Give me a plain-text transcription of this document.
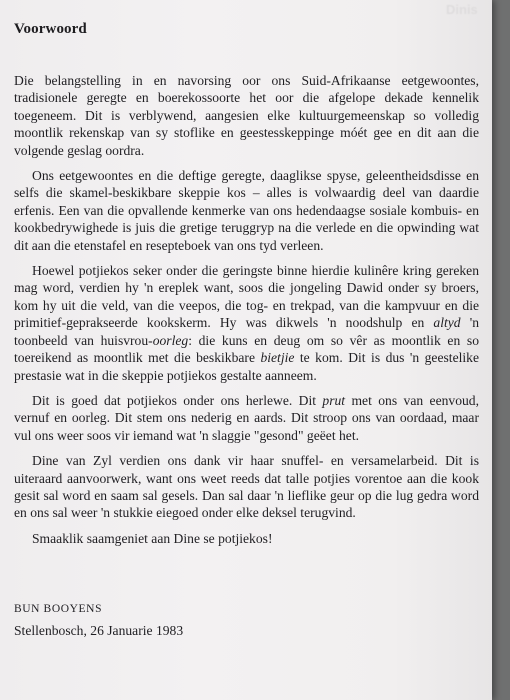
Dinis
Voorwoord

Die belangstelling in en navorsing oor ons Suid-Afrikaanse eetgewoontes, tradisionele geregte en boerekossoorte het oor die afgelope dekade kennelik toegeneem. Dit is verblywend, aangesien elke kultuurgemeenskap so volledig moontlik rekenskap van sy stoflike en geestesskeppinge móét gee en dit aan die volgende geslag oordra.

Ons eetgewoontes en die deftige geregte, daaglikse spyse, geleentheidsdisse en selfs die skamel-beskikbare skeppie kos – alles is volwaardig deel van daardie erfenis. Een van die opvallende kenmerke van ons hedendaagse sosiale kombuis- en kookbedrywighede is juis die gretige teruggryp na die verlede en die opwinding wat dit aan die etenstafel en resepteboek van ons tyd verleen.

Hoewel potjiekos seker onder die geringste binne hierdie kulinêre kring gereken mag word, verdien hy 'n ereplek want, soos die jongeling Dawid onder sy broers, kom hy uit die veld, van die veepos, die tog- en trekpad, van die kampvuur en die primitief-geprakseerde kookskerm. Hy was dikwels 'n noodshulp en altyd 'n toonbeeld van huisvrou-oorleg: die kuns en deug om so vêr as moontlik en so toereikend as moontlik met die beskikbare bietjie te kom. Dit is dus 'n geestelike prestasie wat in die skeppie potjiekos gestalte aanneem.

Dit is goed dat potjiekos onder ons herlewe. Dit prut met ons van eenvoud, vernuf en oorleg. Dit stem ons nederig en aards. Dit stroop ons van oordaad, maar vul ons weer soos vir iemand wat 'n slaggie "gesond" geëet het.

Dine van Zyl verdien ons dank vir haar snuffel- en versamelarbeid. Dit is uiteraard aanvoorwerk, want ons weet reeds dat talle potjies vorentoe aan die kook gesit sal word en saam sal gesels. Dan sal daar 'n lieflike geur op die lug gedra word en ons sal weer 'n stukkie eiegoed onder elke deksel terugvind.

Smaaklik saamgeniet aan Dine se potjiekos!

BUN BOOYENS
Stellenbosch, 26 Januarie 1983
